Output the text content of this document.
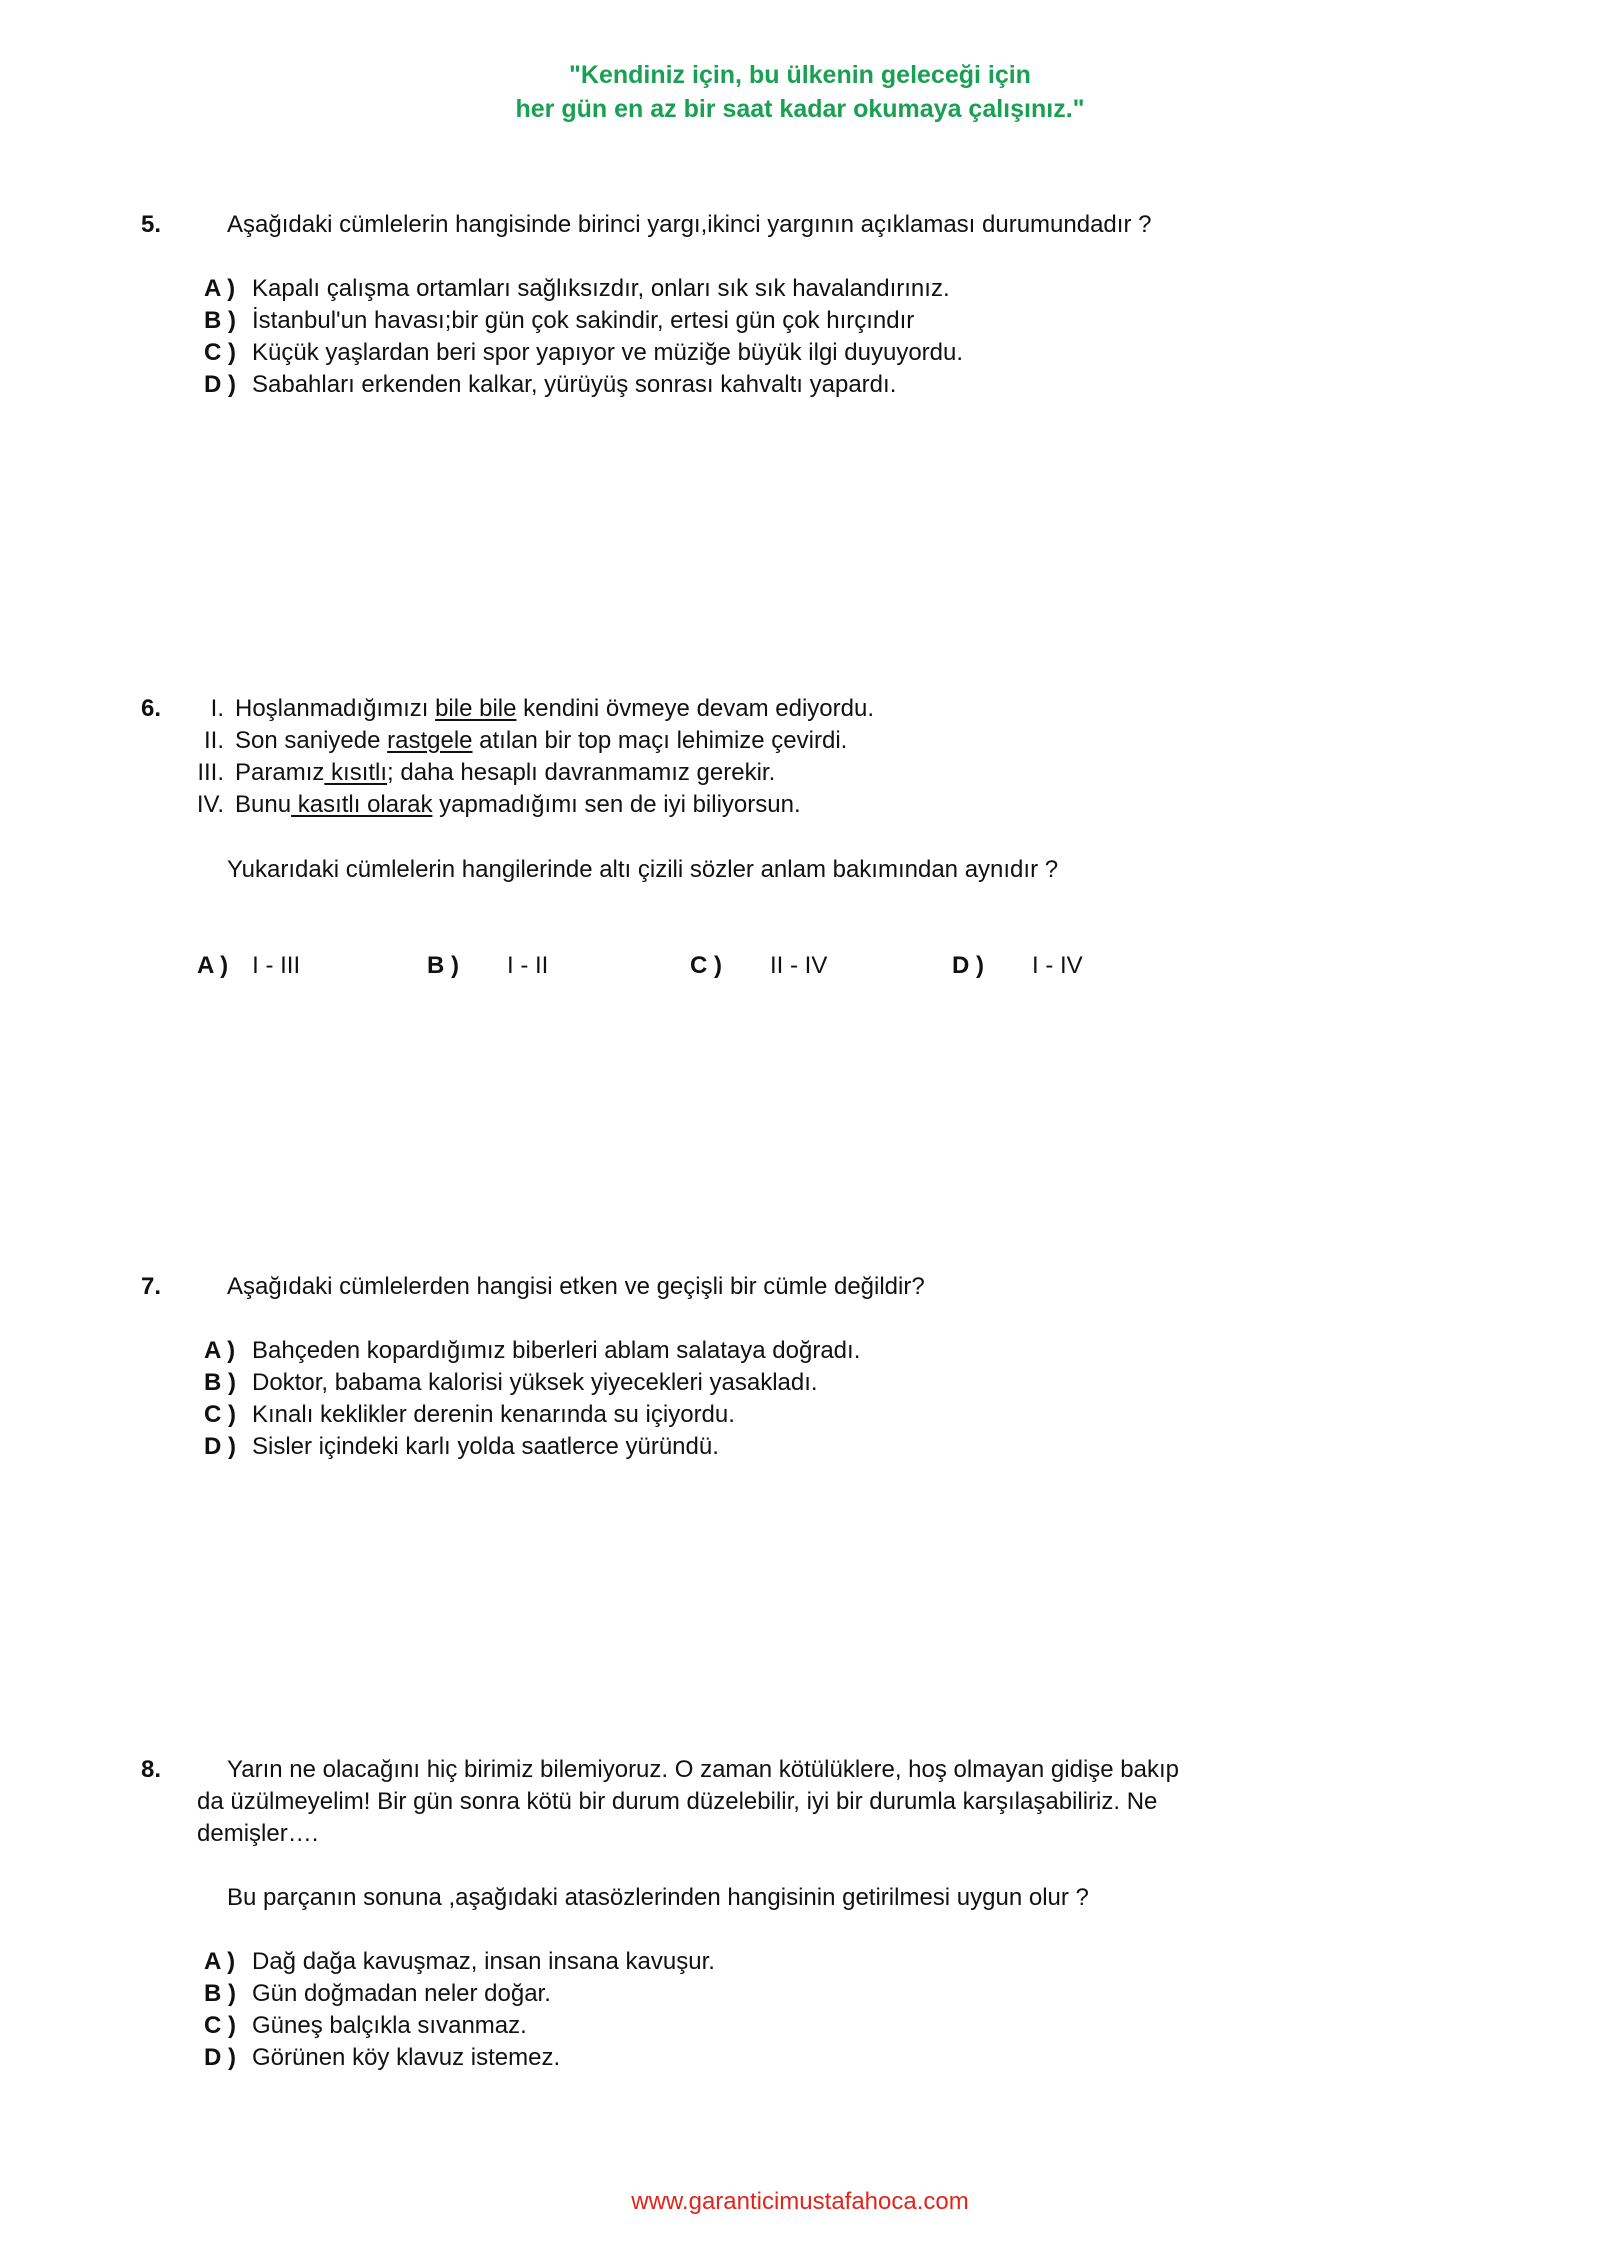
"Kendiniz için, bu ülkenin geleceği için
her gün en az bir saat kadar okumaya çalışınız."
5.	Aşağıdaki cümlelerin hangisinde birinci yargı,ikinci yargının açıklaması durumundadır ?
A ) Kapalı çalışma ortamları sağlıksızdır, onları sık sık havalandırınız.
B ) İstanbul'un havası;bir gün çok sakindir, ertesi gün çok hırçındır
C ) Küçük yaşlardan beri spor yapıyor ve müziğe büyük ilgi duyuyordu.
D ) Sabahları erkenden kalkar, yürüyüş sonrası kahvaltı yapardı.
6.	I. Hoşlanmadığımızı bile bile kendini övmeye devam ediyordu.
II. Son saniyede rastgele atılan bir top maçı lehimize çevirdi.
III. Paramız kısıtlı; daha hesaplı davranmamız gerekir.
IV. Bunu kasıtlı olarak yapmadığımı sen de iyi biliyorsun.
Yukarıdaki cümlelerin hangilerinde altı çizili sözler anlam bakımından aynıdır ?
A ) I - III	B ) I - II	C ) II - IV	D ) I - IV
7.	Aşağıdaki cümlelerden hangisi etken ve geçişli bir cümle değildir?
A ) Bahçeden kopardığımız biberleri ablam salataya doğradı.
B ) Doktor, babama kalorisi yüksek yiyecekleri yasakladı.
C ) Kınalı keklikler derenin kenarında su içiyordu.
D ) Sisler içindeki karlı yolda saatlerce yüründü.
8.	Yarın ne olacağını hiç birimiz bilemiyoruz. O zaman kötülüklere, hoş olmayan gidişe bakıp
da üzülmeyelim! Bir gün sonra kötü bir durum düzelebilir, iyi bir durumla karşılaşabiliriz. Ne
demişler….
Bu parçanın sonuna ,aşağıdaki atasözlerinden hangisinin getirilmesi uygun olur ?
A ) Dağ dağa kavuşmaz, insan insana kavuşur.
B ) Gün doğmadan neler doğar.
C ) Güneş balçıkla sıvanmaz.
D ) Görünen köy klavuz istemez.
www.garanticimustafahoca.com
